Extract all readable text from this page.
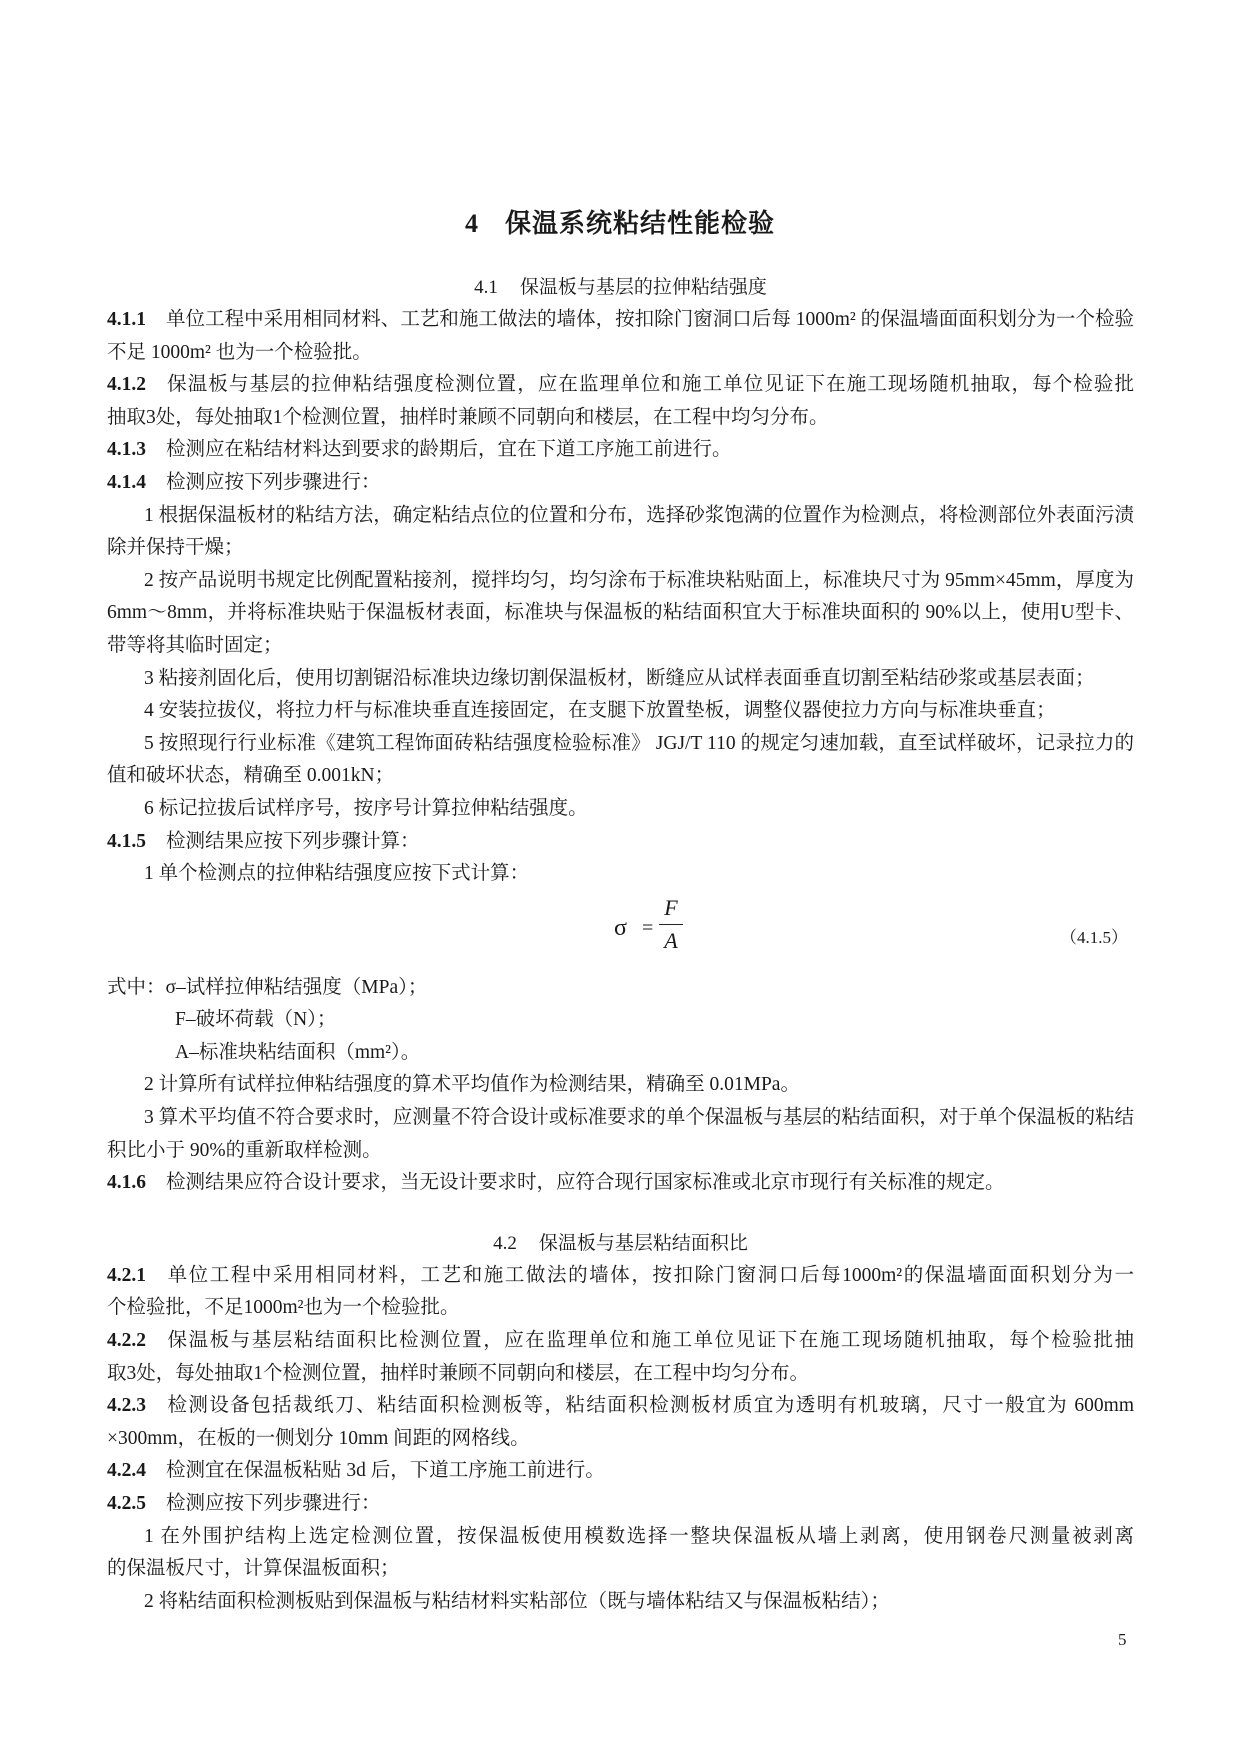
4 保温系统粘结性能检验
4.1 保温板与基层的拉伸粘结强度
4.1.1 单位工程中采用相同材料、工艺和施工做法的墙体，按扣除门窗洞口后每 1000m² 的保温墙面面积划分为一个检验
不足 1000m² 也为一个检验批。
4.1.2 保温板与基层的拉伸粘结强度检测位置，应在监理单位和施工单位见证下在施工现场随机抽取，每个检验批
抽取3处，每处抽取1个检测位置，抽样时兼顾不同朝向和楼层，在工程中均匀分布。
4.1.3 检测应在粘结材料达到要求的龄期后，宜在下道工序施工前进行。
4.1.4 检测应按下列步骤进行：
1 根据保温板材的粘结方法，确定粘结点位的位置和分布，选择砂浆饱满的位置作为检测点，将检测部位外表面污渍
除并保持干燥；
2 按产品说明书规定比例配置粘接剂，搅拌均匀，均匀涂布于标准块粘贴面上，标准块尺寸为 95mm×45mm，厚度为
6mm～8mm，并将标准块贴于保温板材表面，标准块与保温板的粘结面积宜大于标准块面积的 90%以上，使用U型卡、
带等将其临时固定；
3 粘接剂固化后，使用切割锯沿标准块边缘切割保温板材，断缝应从试样表面垂直切割至粘结砂浆或基层表面；
4 安装拉拔仪，将拉力杆与标准块垂直连接固定，在支腿下放置垫板，调整仪器使拉力方向与标准块垂直；
5 按照现行行业标准《建筑工程饰面砖粘结强度检验标准》 JGJ/T 110 的规定匀速加载，直至试样破坏，记录拉力的
值和破坏状态，精确至 0.001kN；
6 标记拉拔后试样序号，按序号计算拉伸粘结强度。
4.1.5 检测结果应按下列步骤计算：
1 单个检测点的拉伸粘结强度应按下式计算：
σ =
F
A	（4.1.5）
式中：σ–试样拉伸粘结强度（MPa）；
F–破坏荷载（N）；
A–标准块粘结面积（mm²）。
2 计算所有试样拉伸粘结强度的算术平均值作为检测结果，精确至 0.01MPa。
3 算术平均值不符合要求时，应测量不符合设计或标准要求的单个保温板与基层的粘结面积，对于单个保温板的粘结
积比小于 90%的重新取样检测。
4.1.6 检测结果应符合设计要求，当无设计要求时，应符合现行国家标准或北京市现行有关标准的规定。
4.2 保温板与基层粘结面积比
4.2.1 单位工程中采用相同材料，工艺和施工做法的墙体，按扣除门窗洞口后每1000m²的保温墙面面积划分为一
个检验批，不足1000m²也为一个检验批。
4.2.2 保温板与基层粘结面积比检测位置，应在监理单位和施工单位见证下在施工现场随机抽取，每个检验批抽
取3处，每处抽取1个检测位置，抽样时兼顾不同朝向和楼层，在工程中均匀分布。
4.2.3 检测设备包括裁纸刀、粘结面积检测板等，粘结面积检测板材质宜为透明有机玻璃，尺寸一般宜为 600mm
×300mm，在板的一侧划分 10mm 间距的网格线。
4.2.4 检测宜在保温板粘贴 3d 后，下道工序施工前进行。
4.2.5 检测应按下列步骤进行：
1 在外围护结构上选定检测位置，按保温板使用模数选择一整块保温板从墙上剥离，使用钢卷尺测量被剥离
的保温板尺寸，计算保温板面积；
2 将粘结面积检测板贴到保温板与粘结材料实粘部位（既与墙体粘结又与保温板粘结）；
5
